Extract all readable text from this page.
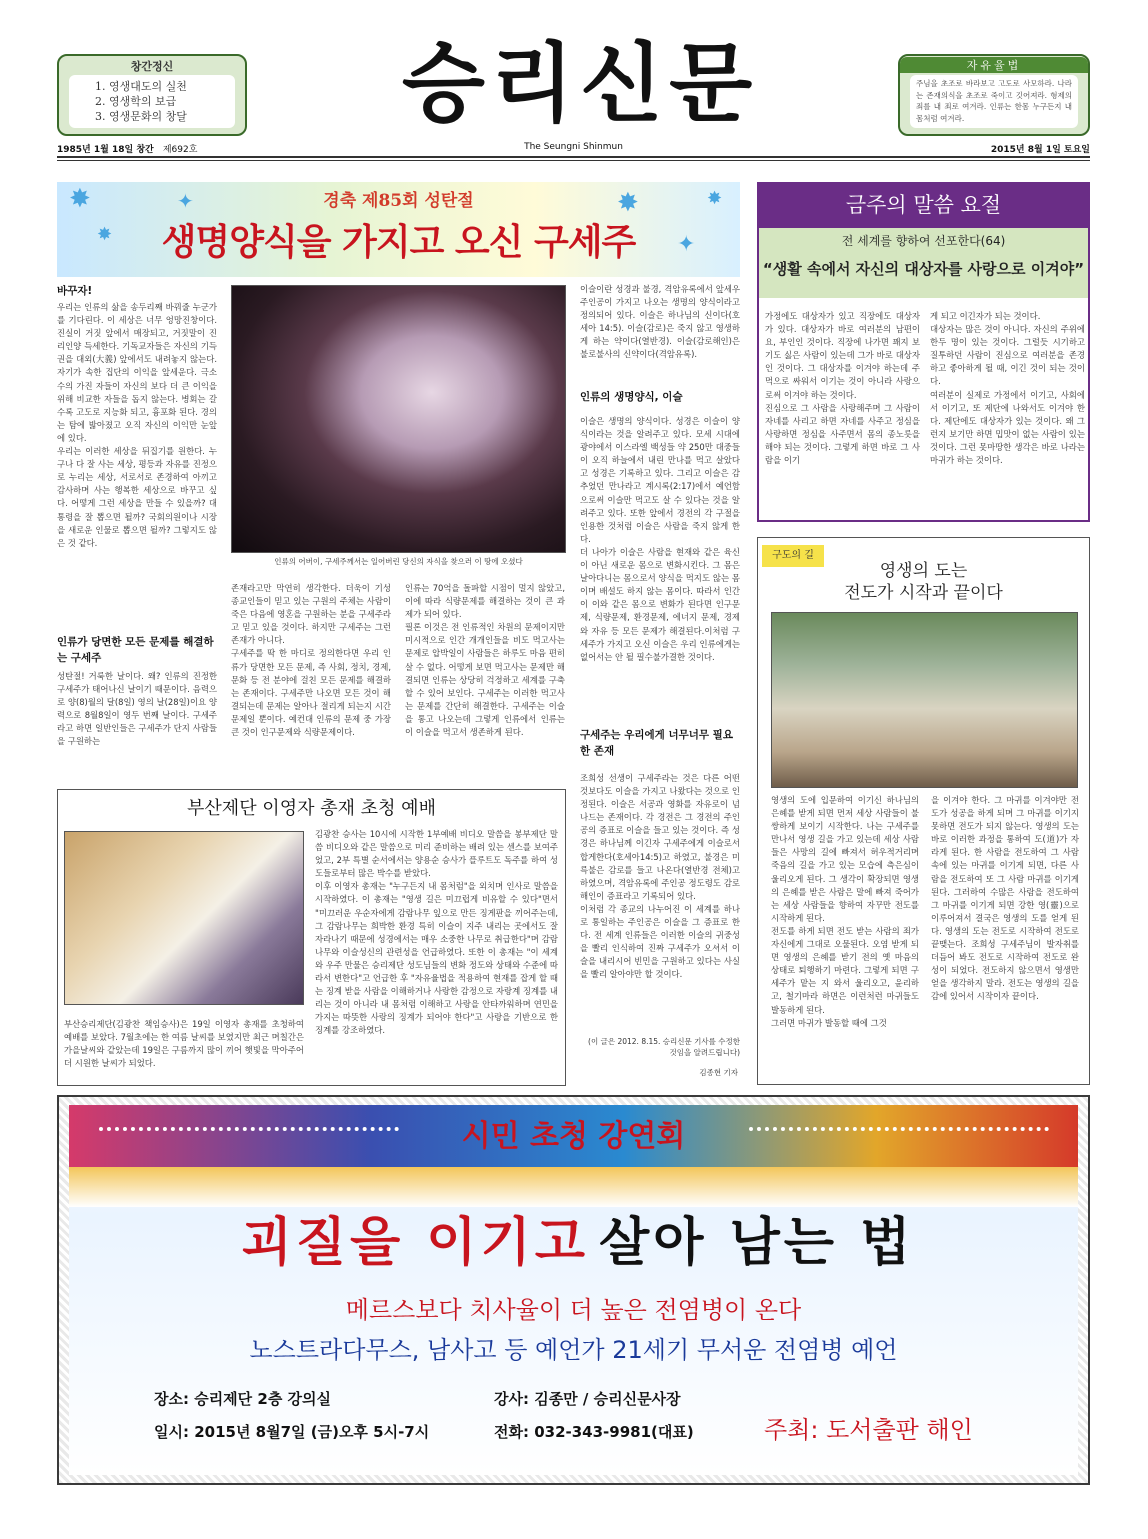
창간정신
1. 영생대도의 실천
2. 영생학의 보급
3. 영생문화의 창달	승리신문	자유율법
주님을 초조로 바라보고 고도로 사모하라. 나라는 존재의식을 초조로 죽이고 깃어져라. 형제의 죄를 내 죄로 여겨라. 인류는 한몸 누구든지 내몸처럼 여겨라.
1985년 1월 18일 창간 제692호	The Seungni Shinmun	2015년 8월 1일 토요일
✸
✸
✦	✸
✦
✸
경축 제85회 성탄절
생명양식을 가지고 오신 구세주
바꾸자!
우리는 인류의 삶을 송두리째 바꿔줄 누군가를 기다린다. 이 세상은 너무 엉망진창이다. 진실이 거짓 앞에서 매장되고, 거짓말이 진리인양 득세한다. 기독교자들은 자신의 기득권을 대외(大義) 앞에서도 내려놓지 않는다. 자기가 속한 집단의 이익을 앞세운다. 극소수의 가진 자들이 자신의 보다 더 큰 이익을 위해 비교한 자들을 돕지 않는다. 병회는 갈수록 고도로 지능화 되고, 흉포화 된다. 경의는 탐에 밟아졌고 오직 자신의 이익만 눈앞에 있다.
우리는 이러한 세상을 뒤집기를 원한다. 누구나 다 잘 사는 세상, 평등과 자유를 진정으로 누리는 세상, 서로서로 존경하여 아끼고 감사하며 사는 행복한 세상으로 바꾸고 싶다. 어떻게 그런 세상을 만들 수 있을까? 대통령을 잘 뽑으면 될까? 국회의원이나 시장을 새로운 인물로 뽑으면 될까? 그렇지도 않은 것 같다.
인류가 당면한 모든 문제를 해결하는 구세주
성탄절! 거룩한 날이다. 왜? 인류의 진정한 구세주가 태어나신 날이기 때문이다. 음력으로 양(8)월의 달(8일) 영의 날(28일)이요 양력으로 8월8일이 영두 번째 날이다. 구세주라고 하면 일반인들은 구세주가 단지 사람들을 구원하는
인류의 어버이, 구세주께서는 일어버린 당신의 자식을 찾으러 이 땅에 오셨다
존재라고만 막연히 생각한다. 더욱이 기성 종교인들이 믿고 있는 구원의 주체는 사람이 죽은 다음에 영혼을 구원하는 분을 구세주라고 믿고 있을 것이다. 하지만 구세주는 그런 존재가 아니다.
구세주를 딱 한 마디로 정의한다면 우리 인류가 당면한 모든 문제, 즉 사회, 정치, 경제, 문화 등 전 분야에 걸친 모든 문제를 해결하는 존재이다. 구세주만 나오면 모든 것이 해결되는데 문제는 알아나 절리게 되는지 시간문제일 뿐이다. 예컨대 인류의 문제 중 가장 큰 것이 인구문제와 식량문제이다.
인류는 70억을 돌파할 시점이 멀지 않았고, 이에 따라 식량문제를 해결하는 것이 큰 과제가 되어 있다.
필론 이것은 전 인류적인 차원의 문제이지만 미시적으로 인간 개개인들을 비도 먹고사는 문제로 압박일이 사람들은 하루도 마음 편히 살 수 없다. 어떻게 보면 먹고사는 문제만 해결되면 인류는 상당히 걱정하고 세계를 구축할 수 있어 보인다. 구세주는 이러한 먹고사는 문제를 간단히 해결한다. 구세주는 이슬을 통고 나오는데 그렇게 인류에서 인류는 이 이슬을 먹고서 생존하게 된다.
이슬이란 성경과 불경, 격암유록에서 앞세우 주인공이 가지고 나오는 생명의 양식이라고 정의되어 있다. 이슬은 하나님의 신이다(호세아 14:5). 이슬(감로)은 죽지 않고 영생하게 하는 약이다(열반경). 이슬(감로해인)은 불로불사의 신약이다(격암유록).
인류의 생명양식, 이슬
이슬은 생명의 양식이다. 성경은 이슬이 양식이라는 것을 알려주고 있다. 모세 시대에 광야에서 이스라엘 백성들 약 250만 대중들이 오직 하늘에서 내린 만나를 먹고 살았다고 성경은 기록하고 있다. 그리고 이슬은 감추었던 만나라고 계시록(2:17)에서 예언함으로써 이슬만 먹고도 살 수 있다는 것을 알려주고 있다. 또한 앞에서 경전의 각 구절을 인용한 것처럼 이슬은 사람을 죽지 않게 한다.
더 나아가 이슬은 사람을 현재와 같은 육신이 아닌 새로운 몸으로 변화시킨다. 그 몸은 날아다니는 몸으로서 양식을 먹지도 않는 몸이며 배설도 하지 않는 몸이다. 따라서 인간이 이와 같은 몸으로 변화가 된다면 인구문제, 식량문제, 환경문제, 에너지 문제, 경제와 자유 등 모든 문제가 해결된다.이처럼 구세주가 가지고 오신 이슬은 우리 인류에게는 없어서는 안 될 필수불가결한 것이다.
구세주는 우리에게 너무너무 필요한 존재
조희성 선생이 구세주라는 것은 다른 어떤 것보다도 이슬을 가지고 나왔다는 것으로 인정된다. 이슬은 서공과 영화를 자유로이 넘나드는 존재이다. 각 경전은 그 경전의 주인공의 증표로 이슬을 들고 있는 것이다. 즉 성경은 하나님께 이긴자 구세주에게 이슬로서 합게한다(호세아14:5)고 하였고, 불경은 미륵불은 감로를 들고 나온다(열반경 전체)고 하였으며, 격암유록에 주인공 정도령도 감로해인이 증표라고 기록되어 있다.
이처럼 각 종교의 나누어진 이 세계를 하나로 통일하는 주인공은 이슬을 그 증표로 한다. 전 세계 인류들은 이러한 이슬의 귀중성을 빨리 인식하여 진짜 구세주가 오셔서 이슬을 내리시어 빈민을 구원하고 있다는 사실을 빨리 알아야만 할 것이다.
(이 글은 2012. 8.15. 승리신문 기사를 수정한 것임을 알려드립니다)
김종현 기자
금주의 말씀 요절
전 세계를 향하여 선포한다(64)
“생활 속에서 자신의 대상자를 사랑으로 이겨야”
가정에도 대상자가 있고 직장에도 대상자가 있다. 대상자가 바로 여러분의 남편이요, 부인인 것이다. 직장에 나가면 꽤지 보기도 싫은 사람이 있는데 그가 바로 대상자인 것이다. 그 대상자를 이겨야 하는데 주먹으로 싸워서 이기는 것이 아니라 사랑으로써 이겨야 하는 것이다.
진심으로 그 사람을 사랑해주며 그 사람이 자네를 사리고 하면 자네를 사주고 정심을 사랑하면 정심을 사주면서 몸의 종노릇을 해야 되는 것이다. 그렇게 하면 바로 그 사람을 이기
게 되고 이긴자가 되는 것이다.
대상자는 많은 것이 아니다. 자신의 주위에 한두 명이 있는 것이다. 그럴듯 시기하고 질투하던 사람이 진심으로 여러분을 존경하고 좋아하게 될 때, 이긴 것이 되는 것이다.
여러분이 실제로 가정에서 이기고, 사회에서 이기고, 또 제단에 나와서도 이겨야 한다. 제단에도 대상자가 있는 것이다. 왜 그런지 보기만 하면 밉맛이 없는 사람이 있는 것이다. 그런 못마땅한 생각은 바로 나라는 마귀가 하는 것이다.
구도의 길
영생의 도는
전도가 시작과 끝이다
영생의 도에 입문하여 이기신 하나님의 은혜를 받게 되면 먼저 세상 사람들이 불쌍하게 보이기 시작한다. 나는 구세주를 만나서 영생 길을 가고 있는데 세상 사람들은 사망의 길에 빠져서 허우적거리며 죽음의 길을 가고 있는 모습에 측은심이 울리오게 된다. 그 생각이 확장되면 영생의 은혜를 받은 사람은 말에 빠져 죽어가는 세상 사람들을 향하여 자꾸만 전도를 시작하게 된다.
전도를 하게 되면 전도 받는 사람의 죄가 자신에게 그대로 오물된다. 오염 받게 되면 영생의 은혜를 받기 전의 옛 마음의 상태로 퇴행하기 마련다. 그렇게 되면 구세주가 맡는 지 와서 울리오고, 윤리하고, 철기마라 하면은 이런처런 마귀들도 발동하게 된다.
그러면 마귀가 발동할 때에 그것
을 이겨야 한다. 그 마귀를 이겨야만 전도가 성공을 하게 되며 그 마귀를 이기지 못하면 전도가 되지 않는다. 영생의 도는 바로 이러한 과정을 통하여 도(道)가 자라게 된다. 한 사람을 전도하여 그 사람 속에 있는 마귀를 이기게 되면, 다른 사람을 전도하여 또 그 사람 마귀를 이기게 된다. 그러하여 수많은 사람을 전도하여 그 마귀를 이기게 되면 강한 영(靈)으로 이루어져서 결국은 영생의 도를 얻게 된다. 영생의 도는 전도로 시작하여 전도로 끝맺는다. 조희성 구세주님이 발자취를 더듬어 봐도 전도로 시작하여 전도로 완성이 되었다. 전도하지 않으면서 영생만 얻을 생각하지 말라. 전도는 영생의 길을 감에 있어서 시작이자 끝이다.
부산제단 이영자 총재 초청 예배
부산승리제단(김광찬 책임승사)은 19일 이영자 총재를 초청하여 예배를 보았다. 7월초에는 한 여름 날씨를 보였지만 최근 며칠간은 가을날씨와 같았는데 19일은 구름까지 많이 끼어 햇빛을 막아주어 더 시원한 날씨가 되었다.
김광찬 승사는 10시에 시작한 1부예배 비디오 말씀을 봉부제단 말씀 비디오와 같은 말씀으로 미리 준비하는 배려 있는 센스를 보여주었고, 2부 특별 순서에서는 양용순 승사가 플루트도 독주를 하여 성도들로부터 많은 박수를 받았다.
이후 이영자 총재는 "누구든지 내 몸처럼"을 외치며 인사로 말씀을 시작하였다. 이 총재는 "영생 길은 미끄럽게 비유할 수 있다"면서 "미끄러운 우순자에게 감람나무 잎으로 만든 징게판을 끼어주는데, 그 감람나무는 희박한 환경 특히 이슬이 지주 내리는 곳에서도 잘 자라나기 때문에 성경에서는 매우 소중한 나무로 취급한다"며 감람나무와 이슬성신의 관련성을 언급하였다. 또한 이 총재는 "이 세계와 우주 만물은 승리제단 성도님들의 변화 정도와 상태와 수준에 따라서 변한다"고 언급한 후 "자유율법을 적용하여 현재를 잡게 할 때는 징계 받을 사람을 이해하거나 사랑한 감정으로 자랑계 징계를 내리는 것이 아니라 내 몸처럼 이해하고 사랑을 안타까워하며 연민을 가지는 따뜻한 사랑의 징계가 되어야 한다"고 사랑을 기반으로 한 징계를 강조하였다.
시민 초청 강연회
괴질을 이기고 살아 남는 법
메르스보다 치사율이 더 높은 전염병이 온다
노스트라다무스, 남사고 등 예언가 21세기 무서운 전염병 예언
장소: 승리제단 2층 강의실
일시: 2015년 8월7일 (금)오후 5시-7시
강사: 김종만 / 승리신문사장
전화: 032-343-9981(대표)	주최: 도서출판 해인
